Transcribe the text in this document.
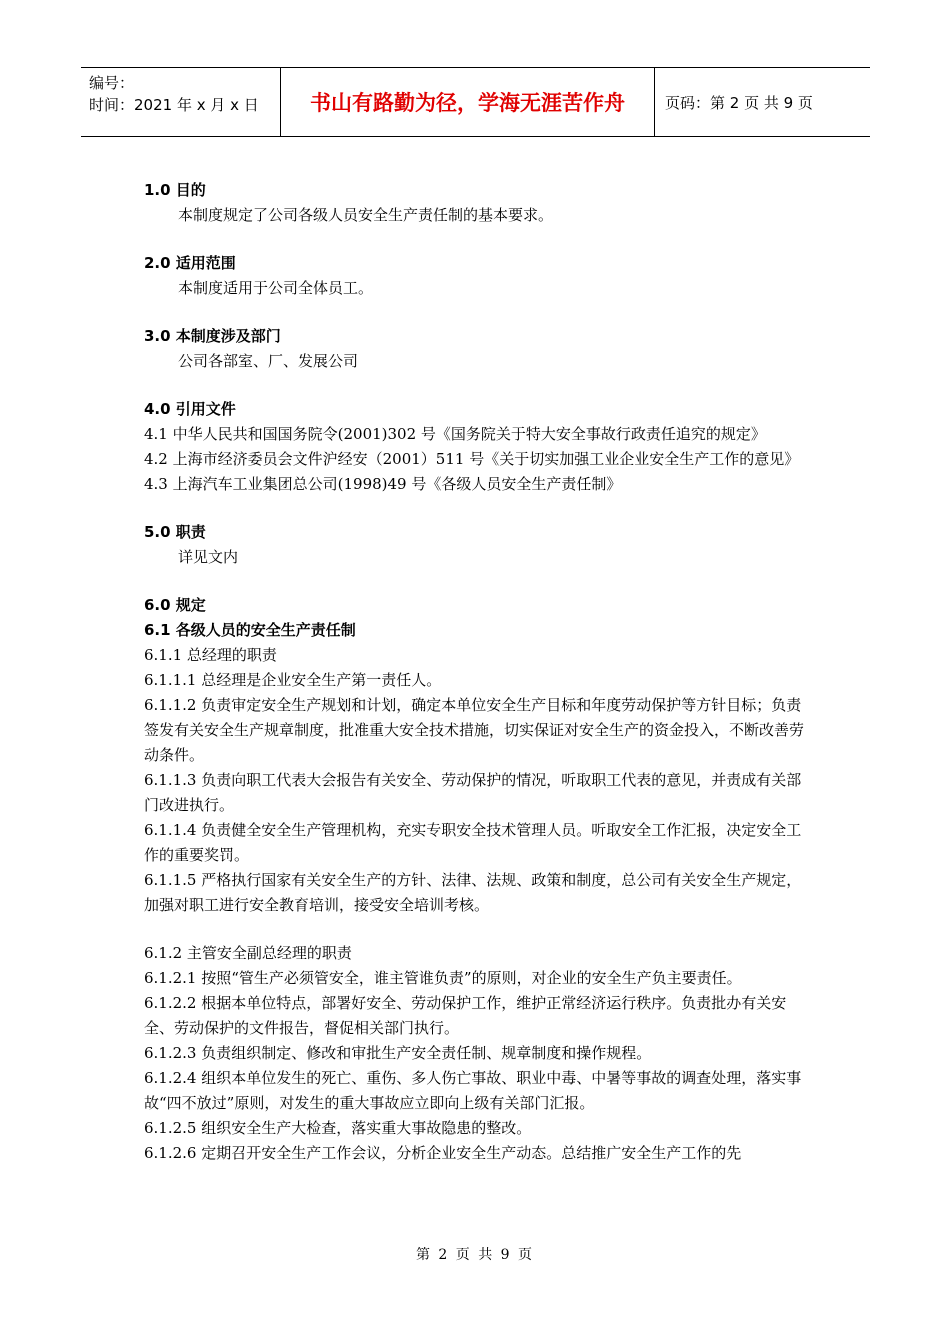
编号：
时间：2021 年 x 月 x 日	书山有路勤为径，学海无涯苦作舟	页码：第 2 页 共 9 页

1.0 目的

本制度规定了公司各级人员安全生产责任制的基本要求。

2.0 适用范围

本制度适用于公司全体员工。

3.0 本制度涉及部门

公司各部室、厂、发展公司

4.0 引用文件

4.1 中华人民共和国国务院令(2001)302 号《国务院关于特大安全事故行政责任追究的规定》

4.2 上海市经济委员会文件沪经安（2001）511 号《关于切实加强工业企业安全生产工作的意见》

4.3 上海汽车工业集团总公司(1998)49 号《各级人员安全生产责任制》

5.0 职责

详见文内

6.0 规定

6.1 各级人员的安全生产责任制

6.1.1 总经理的职责

6.1.1.1 总经理是企业安全生产第一责任人。

6.1.1.2 负责审定安全生产规划和计划，确定本单位安全生产目标和年度劳动保护等方针目标；负责签发有关安全生产规章制度，批准重大安全技术措施，切实保证对安全生产的资金投入，不断改善劳动条件。

6.1.1.3 负责向职工代表大会报告有关安全、劳动保护的情况，听取职工代表的意见，并责成有关部门改进执行。

6.1.1.4 负责健全安全生产管理机构，充实专职安全技术管理人员。听取安全工作汇报，决定安全工作的重要奖罚。

6.1.1.5 严格执行国家有关安全生产的方针、法律、法规、政策和制度，总公司有关安全生产规定，加强对职工进行安全教育培训，接受安全培训考核。

6.1.2 主管安全副总经理的职责

6.1.2.1 按照“管生产必须管安全，谁主管谁负责”的原则，对企业的安全生产负主要责任。

6.1.2.2 根据本单位特点，部署好安全、劳动保护工作，维护正常经济运行秩序。负责批办有关安全、劳动保护的文件报告，督促相关部门执行。

6.1.2.3 负责组织制定、修改和审批生产安全责任制、规章制度和操作规程。

6.1.2.4 组织本单位发生的死亡、重伤、多人伤亡事故、职业中毒、中暑等事故的调查处理，落实事故“四不放过”原则，对发生的重大事故应立即向上级有关部门汇报。

6.1.2.5 组织安全生产大检查，落实重大事故隐患的整改。

6.1.2.6 定期召开安全生产工作会议，分析企业安全生产动态。总结推广安全生产工作的先

第 2 页 共 9 页
